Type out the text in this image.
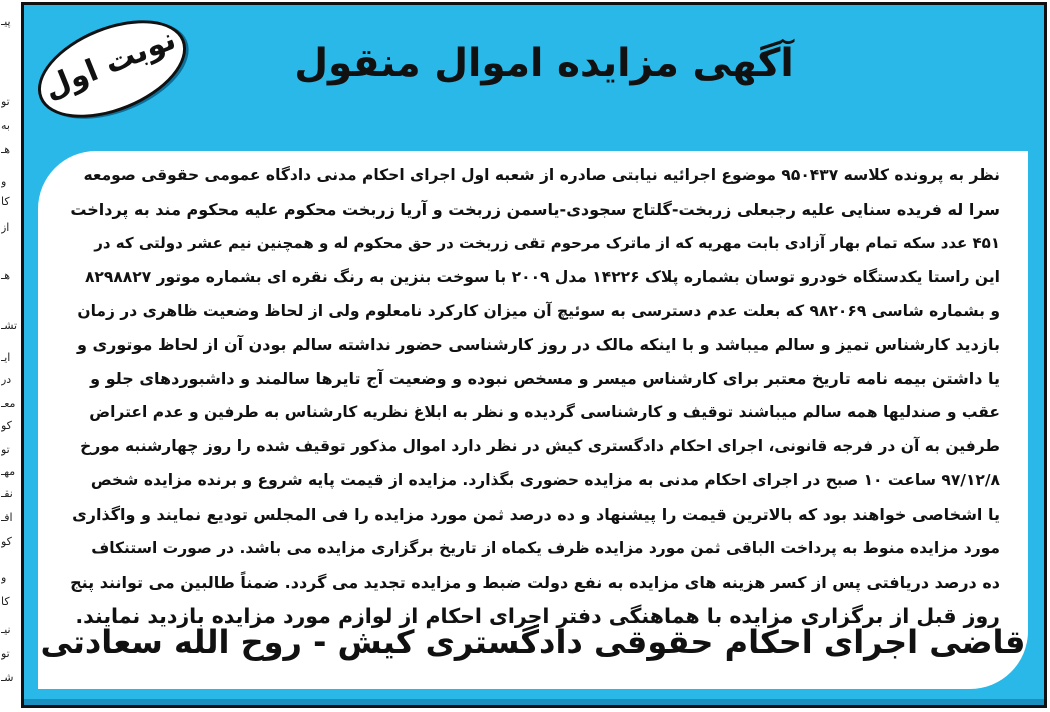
پیـ
تو
به
هـ
و
کا
از
هـ
تشـ
ایـ
در
معـ
کو
تو
مهـ
نقـ
افـ
کو
و
کا
نیـ
تو
شـ
آگهی مزایده اموال منقول
نوبت اول
نظر به پرونده کلاسه ۹۵۰۴۳۷ موضوع اجرائیه نیابتی صادره از شعبه اول اجرای احکام مدنی دادگاه عمومی حقوقی صومعه
سرا له فریده سنایی علیه رجبعلی زربخت-گلتاج سجودی-یاسمن زربخت و آریا زربخت محکوم علیه محکوم مند به پرداخت
۴۵۱ عدد سکه تمام بهار آزادی بابت مهریه که از ماترک مرحوم تقی زربخت در حق محکوم له و همچنین نیم عشر دولتی که در
این راستا یکدستگاه خودرو توسان بشماره پلاک ۱۴۲۲۶ مدل ۲۰۰۹ با سوخت بنزین به رنگ نقره ای بشماره موتور ۸۲۹۸۸۲۷
و بشماره شاسی ۹۸۲۰۶۹ که بعلت عدم دسترسی به سوئیچ آن میزان کارکرد نامعلوم ولی از لحاظ وضعیت ظاهری در زمان
بازدید کارشناس تمیز و سالم میباشد و با اینکه مالک در روز کارشناسی حضور نداشته سالم بودن آن از لحاظ موتوری و
یا داشتن بیمه نامه تاریخ معتبر برای کارشناس میسر و مسخص نبوده و وضعیت آج تایرها سالمند و داشبوردهای جلو و
عقب و صندلیها همه سالم میباشند توقیف و کارشناسی گردیده و نظر به ابلاغ نظریه کارشناس به طرفین و عدم اعتراض
طرفین به آن در فرجه قانونی، اجرای احکام دادگستری کیش در نظر دارد اموال مذکور توقیف شده را روز چهارشنبه مورخ
۹۷/۱۲/۸ ساعت ۱۰ صبح در اجرای احکام مدنی به مزایده حضوری بگذارد. مزایده از قیمت پایه شروع و برنده مزایده شخص
یا اشخاصی خواهند بود که بالاترین قیمت را پیشنهاد و ده درصد ثمن مورد مزایده را فی المجلس تودیع نمایند و واگذاری
مورد مزایده منوط به پرداخت الباقی ثمن مورد مزایده ظرف یکماه از تاریخ برگزاری مزایده می باشد. در صورت استنکاف
ده درصد دریافتی پس از کسر هزینه های مزایده به نفع دولت ضبط و مزایده تجدید می گردد. ضمناً طالبین می توانند پنج
روز قبل از برگزاری مزایده با هماهنگی دفتر اجرای احکام از لوازم مورد مزایده بازدید نمایند.
قاضی اجرای احکام حقوقی دادگستری کیش - روح الله سعادتی
